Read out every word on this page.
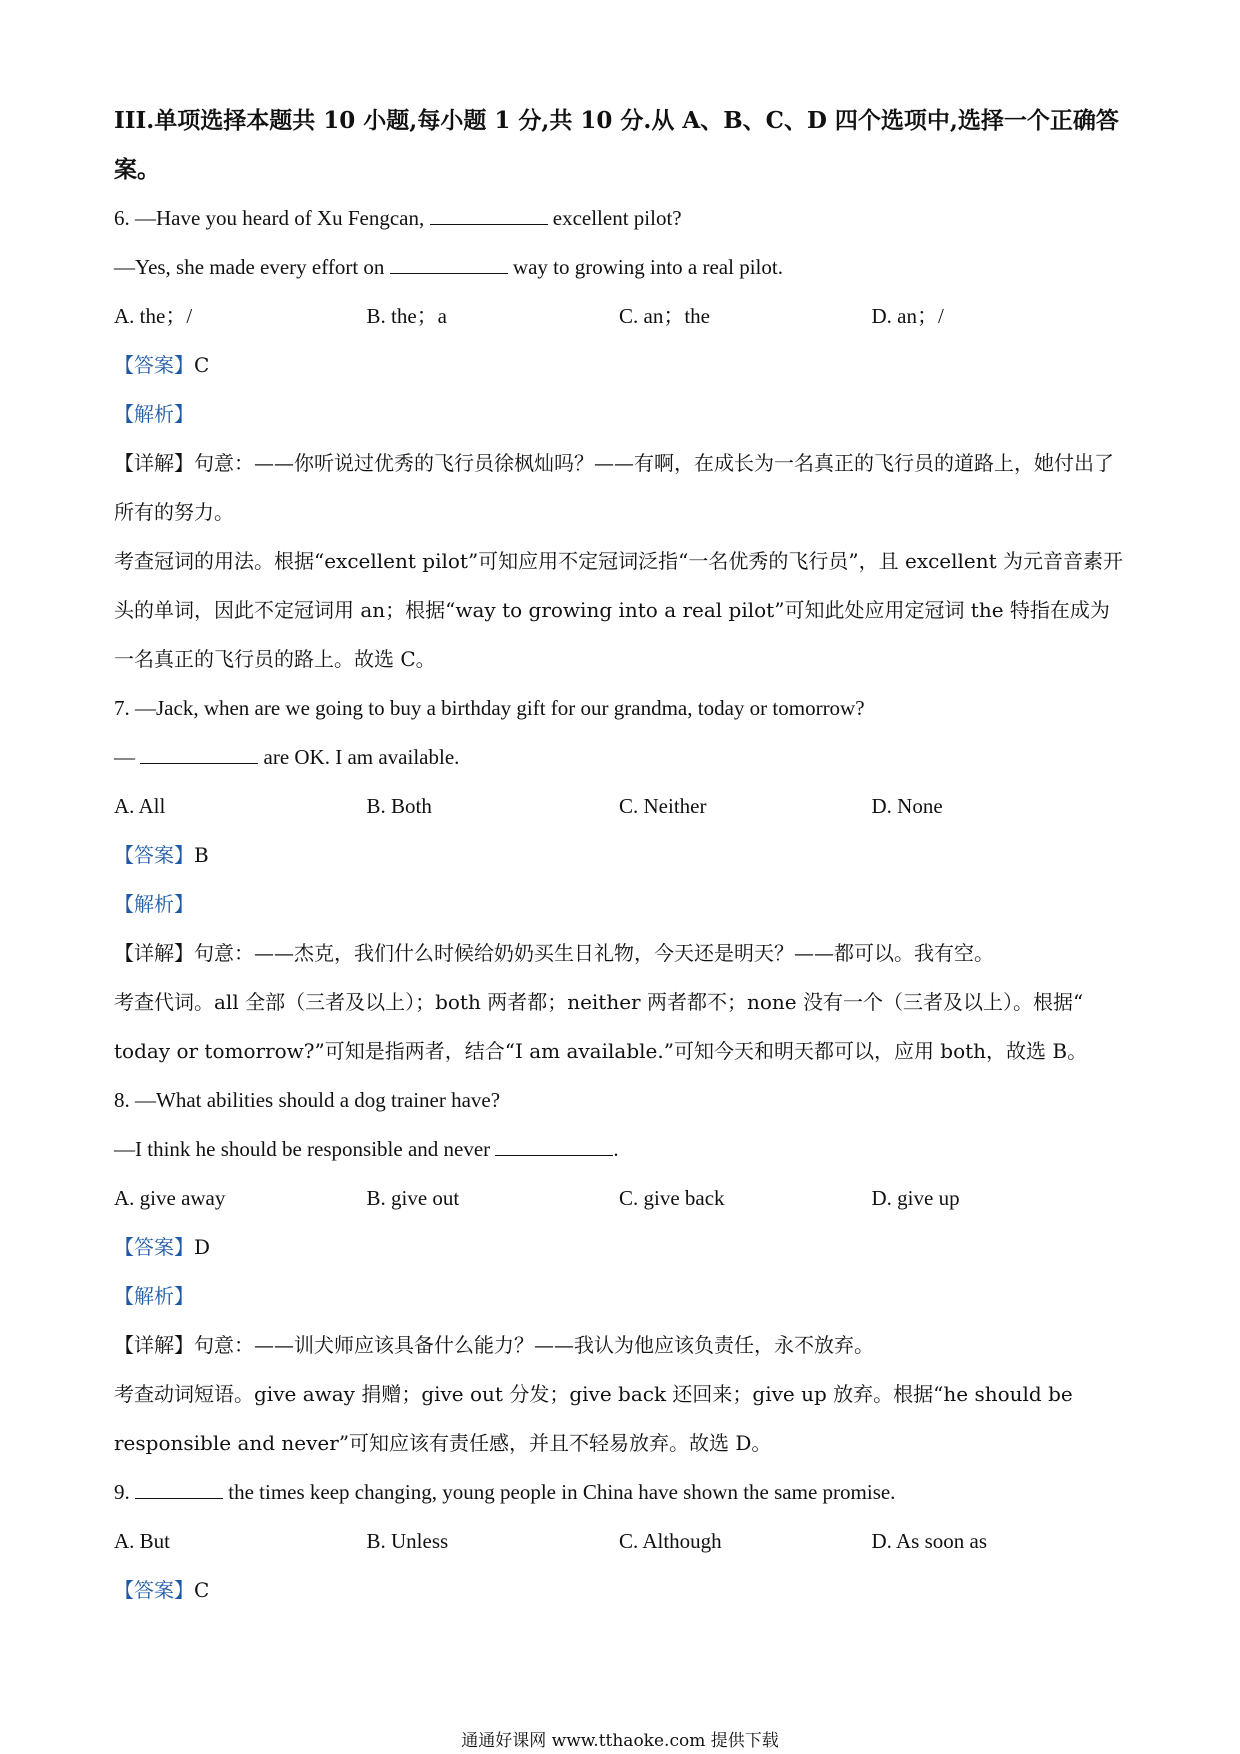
III.单项选择本题共 10 小题,每小题 1 分,共 10 分.从 A、B、C、D 四个选项中,选择一个正确答案。
6. —Have you heard of Xu Fengcan,	excellent pilot?
—Yes, she made every effort on	way to growing into a real pilot.
A. the；/	B. the；a	C. an；the	D. an；/
【答案】C
【解析】
【详解】句意：——你听说过优秀的飞行员徐枫灿吗？——有啊，在成长为一名真正的飞行员的道路上，她付出了所有的努力。
考查冠词的用法。根据“excellent pilot”可知应用不定冠词泛指“一名优秀的飞行员”，且 excellent 为元音音素开头的单词，因此不定冠词用 an；根据“way to growing into a real pilot”可知此处应用定冠词 the 特指在成为一名真正的飞行员的路上。故选 C。
7. —Jack, when are we going to buy a birthday gift for our grandma, today or tomorrow?
—	are OK. I am available.
A. All	B. Both	C. Neither	D. None
【答案】B
【解析】
【详解】句意：——杰克，我们什么时候给奶奶买生日礼物，今天还是明天？——都可以。我有空。
考查代词。all 全部（三者及以上）；both 两者都；neither 两者都不；none 没有一个（三者及以上）。根据“ today or tomorrow?”可知是指两者，结合“I am available.”可知今天和明天都可以，应用 both，故选 B。
8. —What abilities should a dog trainer have?
—I think he should be responsible and never	.
A. give away	B. give out	C. give back	D. give up
【答案】D
【解析】
【详解】句意：——训犬师应该具备什么能力？——我认为他应该负责任，永不放弃。
考查动词短语。give away 捐赠；give out 分发；give back 还回来；give up 放弃。根据“he should be responsible and never”可知应该有责任感，并且不轻易放弃。故选 D。
9.	the times keep changing, young people in China have shown the same promise.
A. But	B. Unless	C. Although	D. As soon as
【答案】C
通通好课网 www.tthaoke.com 提供下载
